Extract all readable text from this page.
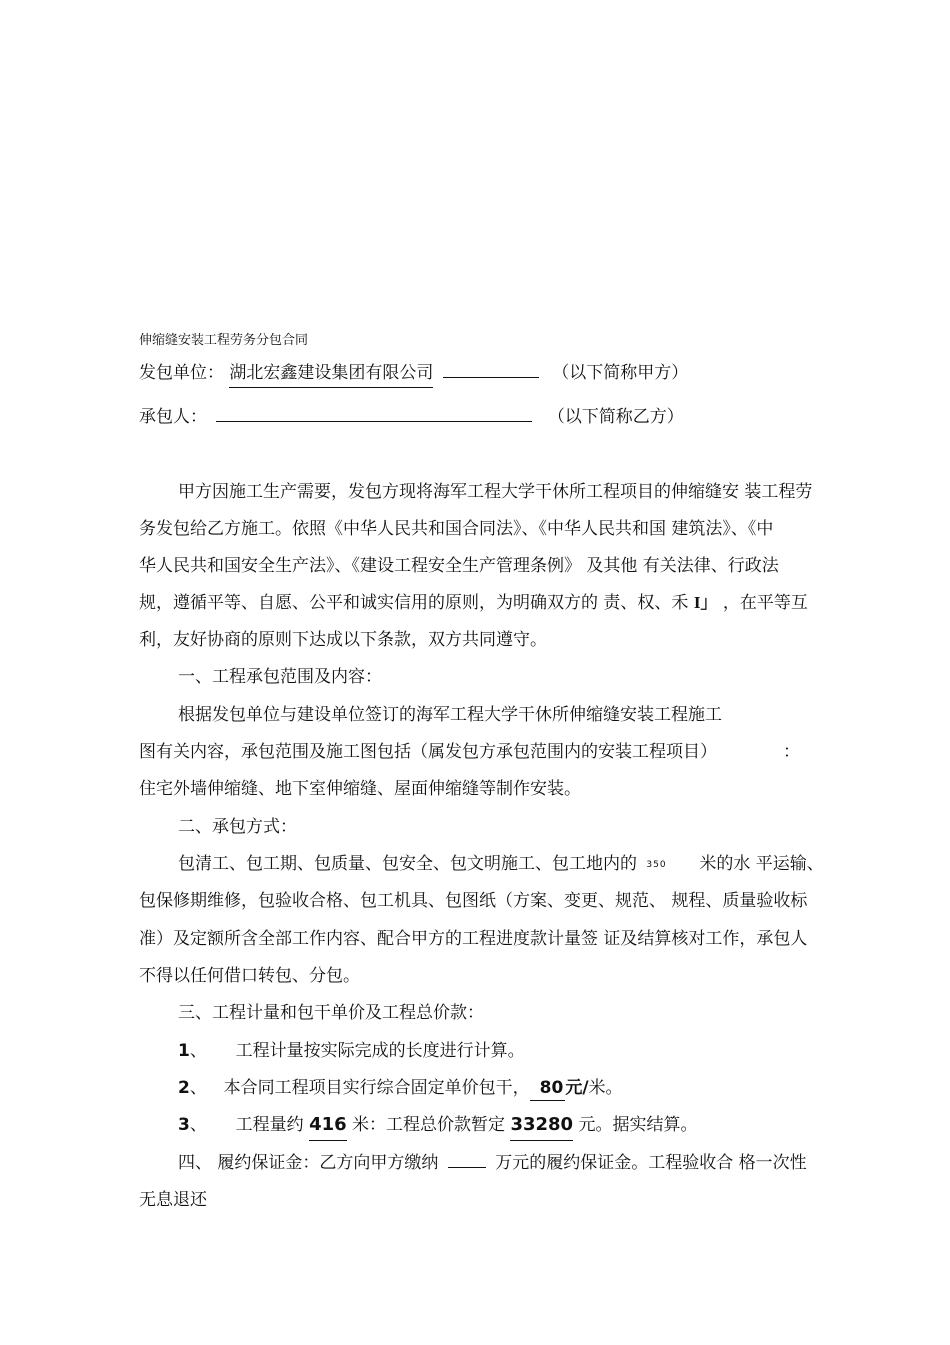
伸缩缝安装工程劳务分包合同
发包单位： 湖北宏鑫建设集团有限公司	（以下简称甲方）
承包人：	（以下简称乙方）
甲方因施工生产需要，发包方现将海军工程大学干休所工程项目的伸缩缝安 装工程劳
务发包给乙方施工。依照《中华人民共和国合同法》、《中华人民共和国 建筑法》、《中
华人民共和国安全生产法》、《建设工程安全生产管理条例》 及其他 有关法律、行政法
规，遵循平等、自愿、公平和诚实信用的原则，为明确双方的 责、权、禾 I」 ，在平等互
利，友好协商的原则下达成以下条款，双方共同遵守。
一、工程承包范围及内容：
根据发包单位与建设单位签订的海军工程大学干休所伸缩缝安装工程施工
图有关内容，承包范围及施工图包括（属发包方承包范围内的安装工程项目）	：
住宅外墙伸缩缝、地下室伸缩缝、屋面伸缩缝等制作安装。
二、承包方式：
包清工、包工期、包质量、包安全、包文明施工、包工地内的 350 米的水 平运输、
包保修期维修，包验收合格、包工机具、包图纸（方案、变更、规范、 规程、质量验收标
准）及定额所含全部工作内容、配合甲方的工程进度款计量签 证及结算核对工作，承包人
不得以任何借口转包、分包。
三、工程计量和包干单价及工程总价款：
1、 工程计量按实际完成的长度进行计算。
2、 本合同工程项目实行综合固定单价包干， 80 元/米。
3、 工程量约 416 米：工程总价款暂定 33280 元。据实结算。
四、 履约保证金：乙方向甲方缴纳	万元的履约保证金。工程验收合 格一次性
无息退还
